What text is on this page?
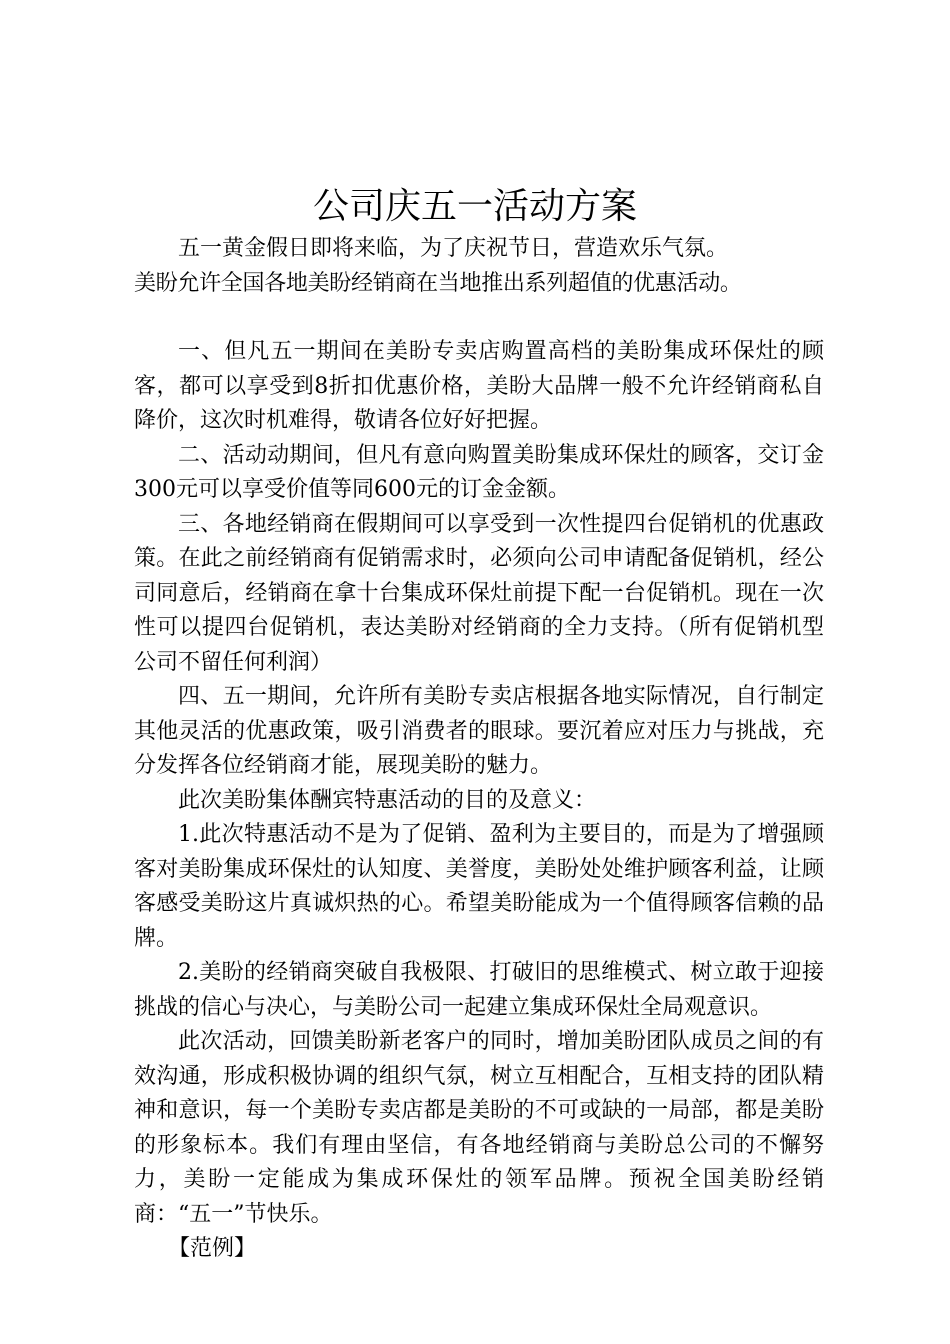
公司庆五一活动方案

五一黄金假日即将来临，为了庆祝节日，营造欢乐气氛。

美盼允许全国各地美盼经销商在当地推出系列超值的优惠活动。

一、但凡五一期间在美盼专卖店购置高档的美盼集成环保灶的顾客，都可以享受到8折扣优惠价格，美盼大品牌一般不允许经销商私自降价，这次时机难得，敬请各位好好把握。

二、活动动期间，但凡有意向购置美盼集成环保灶的顾客，交订金300元可以享受价值等同600元的订金金额。

三、各地经销商在假期间可以享受到一次性提四台促销机的优惠政策。在此之前经销商有促销需求时，必须向公司申请配备促销机，经公司同意后，经销商在拿十台集成环保灶前提下配一台促销机。现在一次性可以提四台促销机，表达美盼对经销商的全力支持。（所有促销机型公司不留任何利润）

四、五一期间，允许所有美盼专卖店根据各地实际情况，自行制定其他灵活的优惠政策，吸引消费者的眼球。要沉着应对压力与挑战，充分发挥各位经销商才能，展现美盼的魅力。

此次美盼集体酬宾特惠活动的目的及意义：

1.此次特惠活动不是为了促销、盈利为主要目的，而是为了增强顾客对美盼集成环保灶的认知度、美誉度，美盼处处维护顾客利益，让顾客感受美盼这片真诚炽热的心。希望美盼能成为一个值得顾客信赖的品牌。

2.美盼的经销商突破自我极限、打破旧的思维模式、树立敢于迎接挑战的信心与决心，与美盼公司一起建立集成环保灶全局观意识。

此次活动，回馈美盼新老客户的同时，增加美盼团队成员之间的有效沟通，形成积极协调的组织气氛，树立互相配合，互相支持的团队精神和意识，每一个美盼专卖店都是美盼的不可或缺的一局部，都是美盼的形象标本。我们有理由坚信，有各地经销商与美盼总公司的不懈努力，美盼一定能成为集成环保灶的领军品牌。预祝全国美盼经销商：“五一”节快乐。

【范例】
